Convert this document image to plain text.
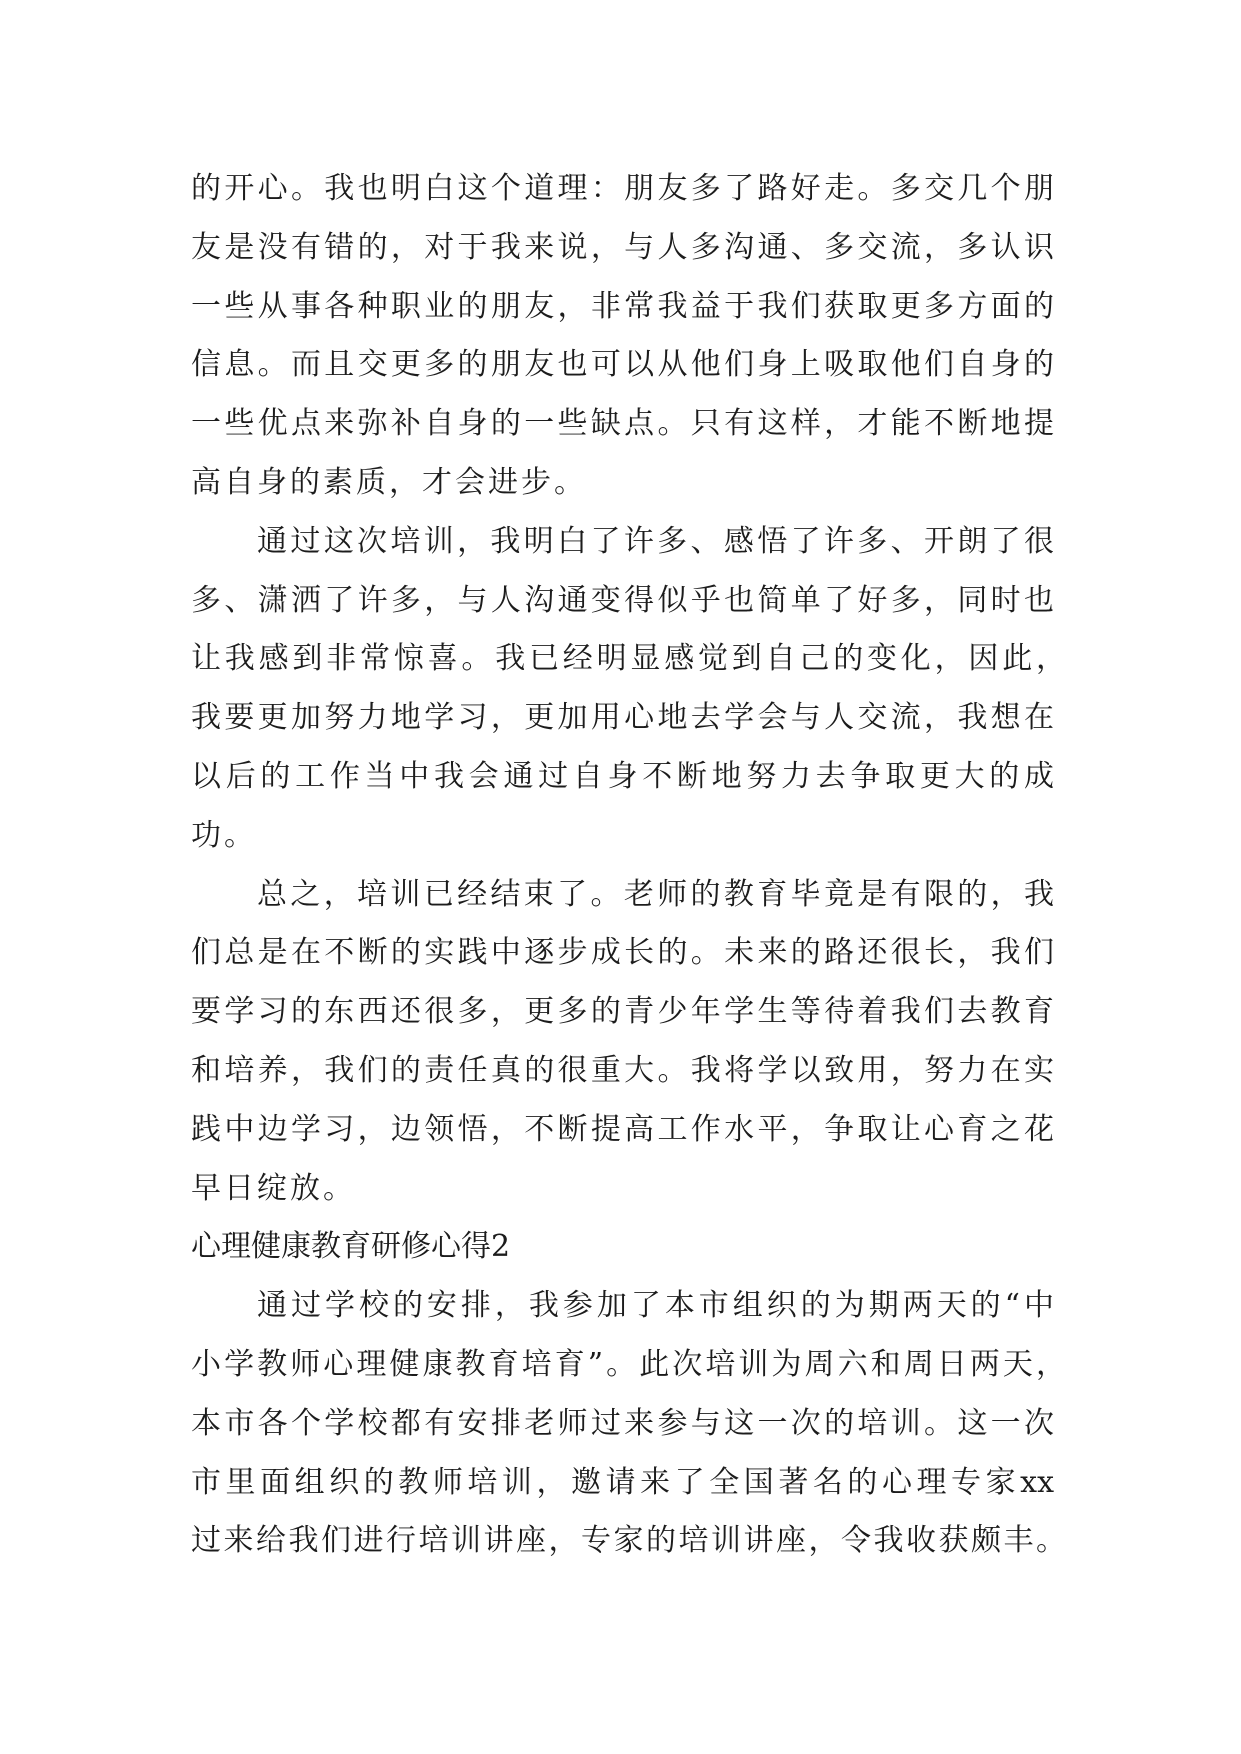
的开心。我也明白这个道理：朋友多了路好走。多交几个朋
友是没有错的，对于我来说，与人多沟通、多交流，多认识
一些从事各种职业的朋友，非常我益于我们获取更多方面的
信息。而且交更多的朋友也可以从他们身上吸取他们自身的
一些优点来弥补自身的一些缺点。只有这样，才能不断地提
高自身的素质，才会进步。
通过这次培训，我明白了许多、感悟了许多、开朗了很
多、潇洒了许多，与人沟通变得似乎也简单了好多，同时也
让我感到非常惊喜。我已经明显感觉到自己的变化，因此，
我要更加努力地学习，更加用心地去学会与人交流，我想在
以后的工作当中我会通过自身不断地努力去争取更大的成
功。
总之，培训已经结束了。老师的教育毕竟是有限的，我
们总是在不断的实践中逐步成长的。未来的路还很长，我们
要学习的东西还很多，更多的青少年学生等待着我们去教育
和培养，我们的责任真的很重大。我将学以致用，努力在实
践中边学习，边领悟，不断提高工作水平，争取让心育之花
早日绽放。
心理健康教育研修心得2
通过学校的安排，我参加了本市组织的为期两天的“中
小学教师心理健康教育培育”。此次培训为周六和周日两天，
本市各个学校都有安排老师过来参与这一次的培训。这一次
市里面组织的教师培训，邀请来了全国著名的心理专家xx
过来给我们进行培训讲座，专家的培训讲座，令我收获颇丰。
